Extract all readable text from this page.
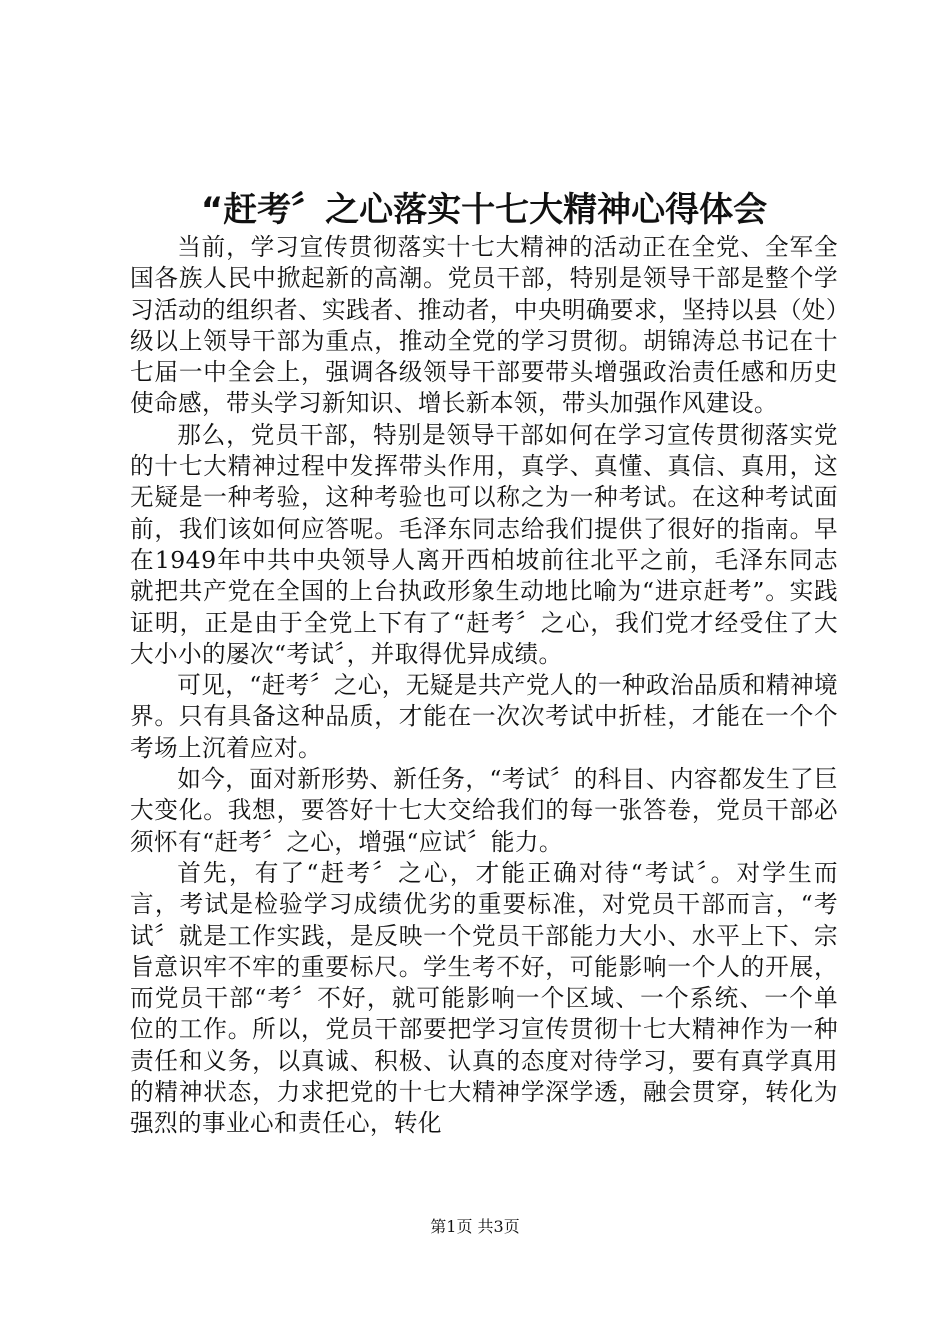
“赶考〞之心落实十七大精神心得体会

当前，学习宣传贯彻落实十七大精神的活动正在全党、全军全国各族人民中掀起新的高潮。党员干部，特别是领导干部是整个学习活动的组织者、实践者、推动者，中央明确要求，坚持以县（处）级以上领导干部为重点，推动全党的学习贯彻。胡锦涛总书记在十七届一中全会上，强调各级领导干部要带头增强政治责任感和历史使命感，带头学习新知识、增长新本领，带头加强作风建设。

那么，党员干部，特别是领导干部如何在学习宣传贯彻落实党的十七大精神过程中发挥带头作用，真学、真懂、真信、真用，这无疑是一种考验，这种考验也可以称之为一种考试。在这种考试面前，我们该如何应答呢。毛泽东同志给我们提供了很好的指南。早在1949年中共中央领导人离开西柏坡前往北平之前，毛泽东同志就把共产党在全国的上台执政形象生动地比喻为“进京赶考”。实践证明，正是由于全党上下有了“赶考〞之心，我们党才经受住了大大小小的屡次“考试〞，并取得优异成绩。

可见，“赶考〞之心，无疑是共产党人的一种政治品质和精神境界。只有具备这种品质，才能在一次次考试中折桂，才能在一个个考场上沉着应对。

如今，面对新形势、新任务，“考试〞的科目、内容都发生了巨大变化。我想，要答好十七大交给我们的每一张答卷，党员干部必须怀有“赶考〞之心，增强“应试〞能力。

首先，有了“赶考〞之心，才能正确对待“考试〞。对学生而言，考试是检验学习成绩优劣的重要标准，对党员干部而言，“考试〞就是工作实践，是反映一个党员干部能力大小、水平上下、宗旨意识牢不牢的重要标尺。学生考不好，可能影响一个人的开展，而党员干部“考〞不好，就可能影响一个区域、一个系统、一个单位的工作。所以，党员干部要把学习宣传贯彻十七大精神作为一种责任和义务，以真诚、积极、认真的态度对待学习，要有真学真用的精神状态，力求把党的十七大精神学深学透，融会贯穿，转化为强烈的事业心和责任心，转化

第1页 共3页
